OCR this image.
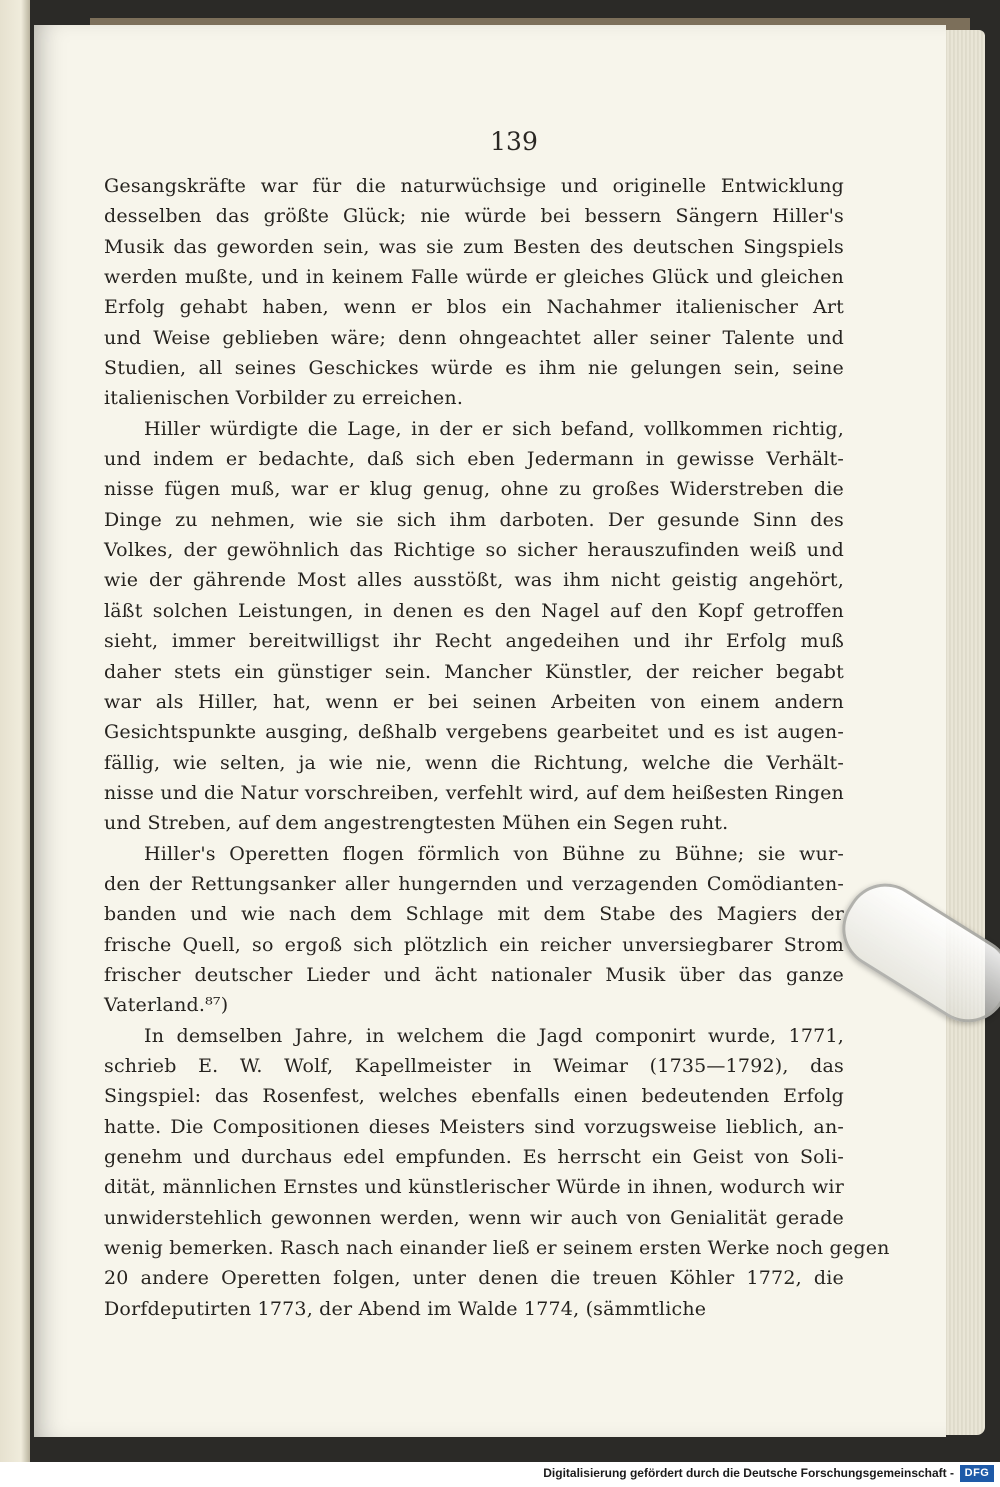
139
Gesangskräfte war für die naturwüchsige und originelle Entwicklung
desselben das größte Glück; nie würde bei bessern Sängern Hiller's
Musik das geworden sein, was sie zum Besten des deutschen Singspiels
werden mußte, und in keinem Falle würde er gleiches Glück und gleichen
Erfolg gehabt haben, wenn er blos ein Nachahmer italienischer Art
und Weise geblieben wäre; denn ohngeachtet aller seiner Talente und
Studien, all seines Geschickes würde es ihm nie gelungen sein, seine
italienischen Vorbilder zu erreichen.
Hiller würdigte die Lage, in der er sich befand, vollkommen richtig,
und indem er bedachte, daß sich eben Jedermann in gewisse Verhält-
nisse fügen muß, war er klug genug, ohne zu großes Widerstreben die
Dinge zu nehmen, wie sie sich ihm darboten. Der gesunde Sinn des
Volkes, der gewöhnlich das Richtige so sicher herauszufinden weiß und
wie der gährende Most alles ausstößt, was ihm nicht geistig angehört,
läßt solchen Leistungen, in denen es den Nagel auf den Kopf getroffen
sieht, immer bereitwilligst ihr Recht angedeihen und ihr Erfolg muß
daher stets ein günstiger sein. Mancher Künstler, der reicher begabt
war als Hiller, hat, wenn er bei seinen Arbeiten von einem andern
Gesichtspunkte ausging, deßhalb vergebens gearbeitet und es ist augen-
fällig, wie selten, ja wie nie, wenn die Richtung, welche die Verhält-
nisse und die Natur vorschreiben, verfehlt wird, auf dem heißesten Ringen
und Streben, auf dem angestrengtesten Mühen ein Segen ruht.
Hiller's Operetten flogen förmlich von Bühne zu Bühne; sie wur-
den der Rettungsanker aller hungernden und verzagenden Comödianten-
banden und wie nach dem Schlage mit dem Stabe des Magiers der
frische Quell, so ergoß sich plötzlich ein reicher unversiegbarer Strom
frischer deutscher Lieder und ächt nationaler Musik über das ganze
Vaterland.⁸⁷)
In demselben Jahre, in welchem die Jagd componirt wurde, 1771,
schrieb E. W. Wolf, Kapellmeister in Weimar (1735—1792), das
Singspiel: das Rosenfest, welches ebenfalls einen bedeutenden Erfolg
hatte. Die Compositionen dieses Meisters sind vorzugsweise lieblich, an-
genehm und durchaus edel empfunden. Es herrscht ein Geist von Soli-
dität, männlichen Ernstes und künstlerischer Würde in ihnen, wodurch wir
unwiderstehlich gewonnen werden, wenn wir auch von Genialität gerade
wenig bemerken. Rasch nach einander ließ er seinem ersten Werke noch gegen
20 andere Operetten folgen, unter denen die treuen Köhler 1772, die
Dorfdeputirten 1773, der Abend im Walde 1774, (sämmtliche
Digitalisierung gefördert durch die Deutsche Forschungsgemeinschaft - DFG
